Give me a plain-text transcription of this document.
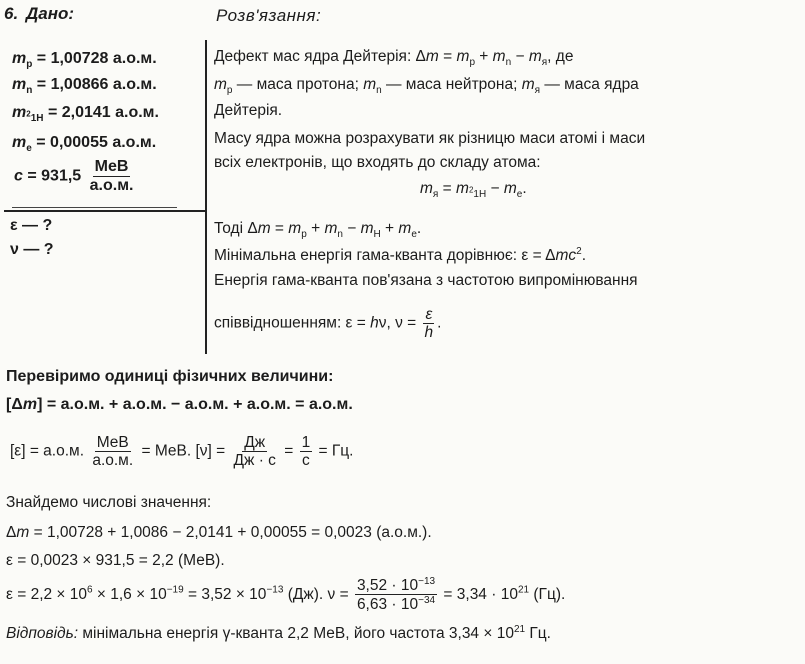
6. Дано:	Розв'язання:
$m_p = 1,00728$ а.о.м.
$m_n = 1,00866$ а.о.м.
$m_{^21H} = 2,0141$ а.о.м.
$m_e = 0,00055$ а.о.м.
$c = 931,5 \frac{\text{МеВ}}{а.о.м.}$
ε — ?
ν — ?
Дефект мас ядра Дейтерія: $\Delta m = m_p + m_n - m_я$, де
$m_p$ — маса протона; $m_n$ — маса нейтрона; $m_я$ — маса ядра
Дейтерія.
Масу ядра можна розрахувати як різницю маси атомі і маси
всіх електронів, що входять до складу атома:
$m_я = m_{^21H} - m_e$.
Тоді $\Delta m = m_p + m_n - m_H + m_e$.
Мінімальна енергія гама-кванта дорівнює: ε = Δmc$^2$.
Енергія гама-кванта пов'язана з частотою випромінювання
співвідношенням: ε = hν, $\nu = \frac{\varepsilon}{h}$ .
Перевіримо одиниці фізичних величини:
[Δm] = а.о.м. + а.о.м. − а.о.м. + а.о.м. = а.о.м.
[ε] = а.о.м. $\frac{\text{МеВ}}{а.о.м.}$ = МеВ. $[\nu] = \frac{Дж}{Дж \cdot с} = \frac{1}{с}$ = Гц.
Знайдемо числові значення:
Δm = 1,00728 + 1,0086 − 2,0141 + 0,00055 = 0,0023 (а.о.м.).
ε = 0,0023 × 931,5 = 2,2 (МеВ).
$\varepsilon = 2,2 \times 10^6 \times 1,6 \times 10^{-19} = 3,52 \times 10^{-13}$ (Дж). $\nu = \frac{3,52 \cdot 10^{-13}}{6,63 \cdot 10^{-34}} = 3,34 \cdot 10^{21}$ (Гц).
Відповідь: мінімальна енергія γ-кванта 2,2 МеВ, його частота $3,34 \times 10^{21}$ Гц.
